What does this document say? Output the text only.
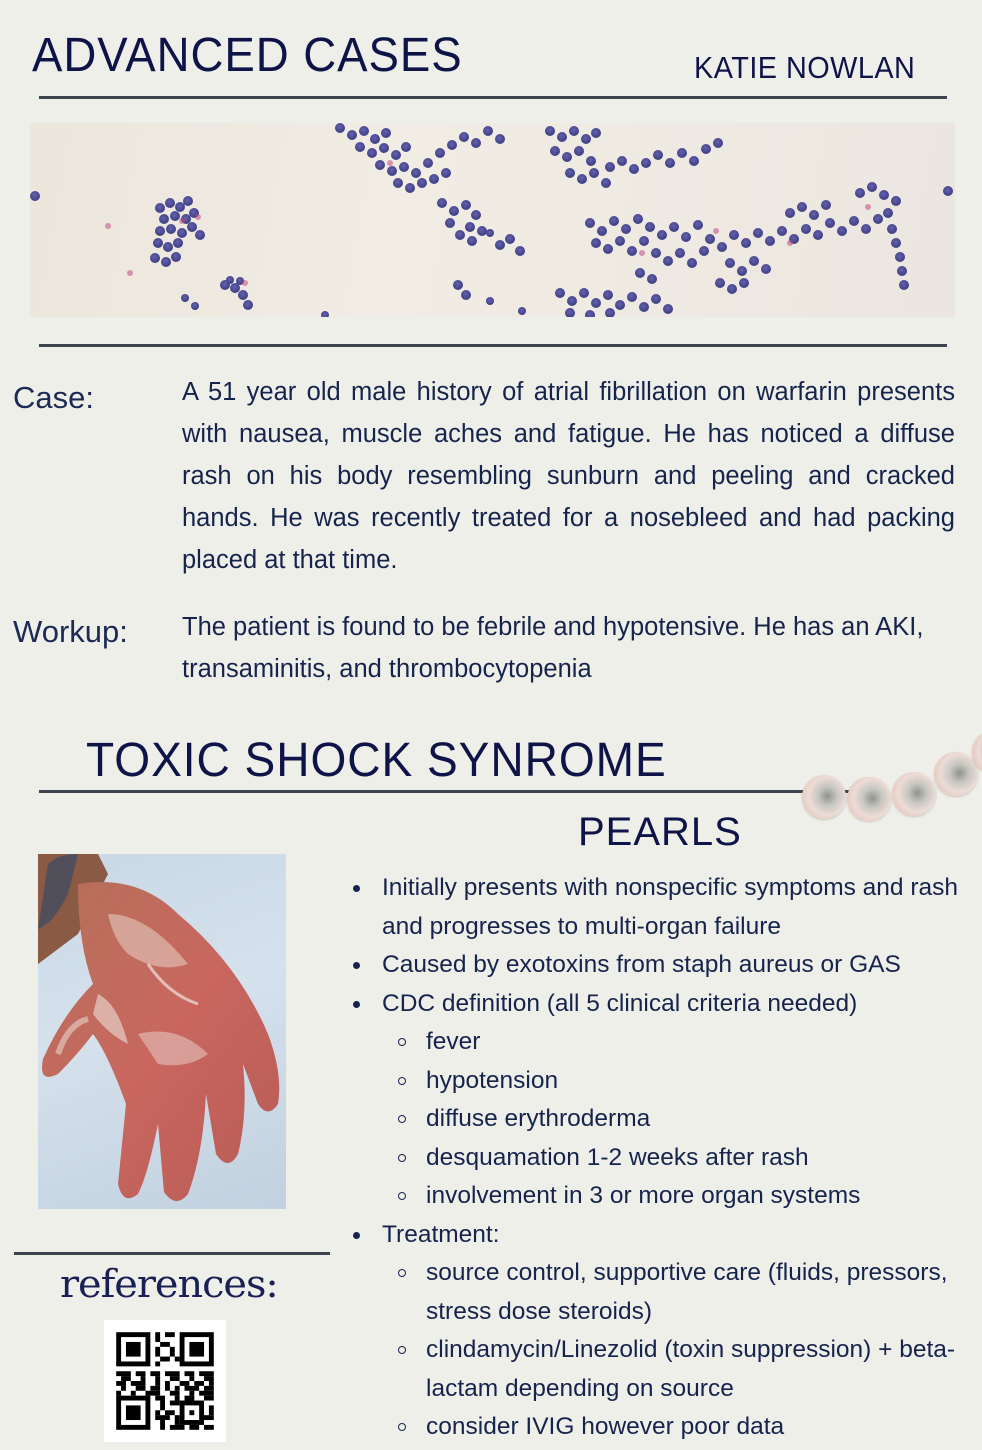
ADVANCED CASES	KATIE NOWLAN
Case:	A 51 year old male history of atrial fibrillation on warfarin presents with nausea, muscle aches and fatigue. He has noticed a diffuse rash on his body resembling sunburn and peeling and cracked hands. He was recently treated for a nosebleed and had packing placed at that time.
Workup: The patient is found to be febrile and hypotensive. He has an AKI, transaminitis, and thrombocytopenia
TOXIC SHOCK SYNROME
PEARLS
Initially presents with nonspecific symptoms and rash and progresses to multi-organ failure
Caused by exotoxins from staph aureus or GAS
CDC definition (all 5 clinical criteria needed)
fever
hypotension
diffuse erythroderma
desquamation 1-2 weeks after rash
involvement in 3 or more organ systems
Treatment:
source control, supportive care (fluids, pressors, stress dose steroids)
clindamycin/Linezolid (toxin suppression) + beta-lactam depending on source
consider IVIG however poor data
references:
